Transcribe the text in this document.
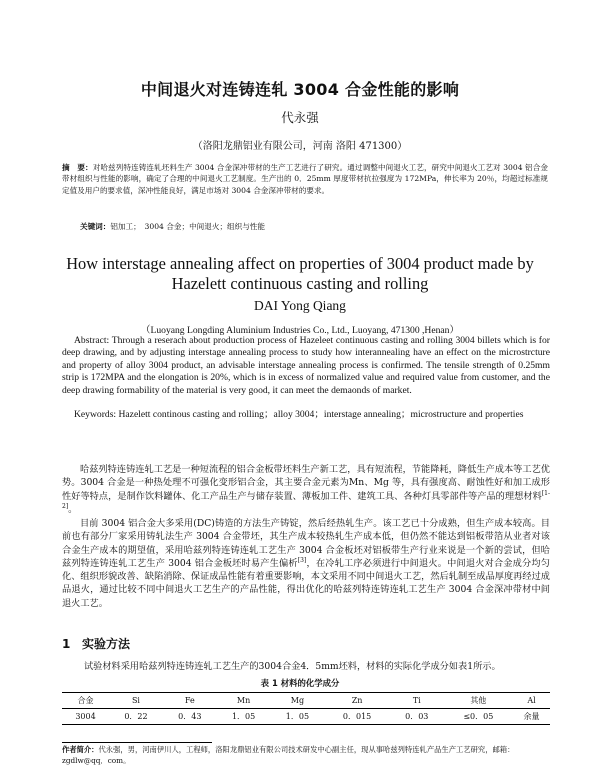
中间退火对连铸连轧 3004 合金性能的影响
代永强
（洛阳龙鼎铝业有限公司，河南 洛阳 471300）
摘　要：对哈兹列特连铸连轧坯料生产 3004 合金深冲带材的生产工艺进行了研究。通过调整中间退火工艺，研究中间退火工艺对 3004 铝合金带材组织与性能的影响，确定了合理的中间退火工艺制度。生产出的 0．25mm 厚度带材抗拉强度为 172MPa，伸长率为 20％，均超过标准规定值及用户的要求值，深冲性能良好，满足市场对 3004 合金深冲带材的要求。
关键词：铝加工；　3004 合金；中间退火；组织与性能
How interstage annealing affect on properties of 3004 product made by Hazelett continuous casting and rolling
DAI Yong Qiang
（Luoyang Longding Aluminium Industries Co., Ltd., Luoyang, 471300 ,Henan）
Abstract: Through a reserach about production process of Hazeleet continuous casting and rolling 3004 billets which is for deep drawing, and by adjusting interstage annealing process to study how interannealing have an effect on the microstrcture and property of alloy 3004 product, an advisable interstage annealing process is confirmed. The tensile strength of 0.25mm strip is 172MPA and the elongation is 20%, which is in excess of normalized value and required value from customer, and the deep drawing formability of the material is very good, it can meet the demaonds of market.
Keywords: Hazelett continous casting and rolling；alloy 3004；interstage annealing；microstructure and properties
哈兹列特连铸连轧工艺是一种短流程的铝合金板带坯料生产新工艺，具有短流程，节能降耗，降低生产成本等工艺优势。3004 合金是一种热处理不可强化变形铝合金，其主要合金元素为Mn、Mg 等，具有强度高、耐蚀性好和加工成形性好等特点，是制作饮料罐体、化工产品生产与储存装置、薄板加工件、建筑工具、各种灯具零部件等产品的理想材料[1-2]。
目前 3004 铝合金大多采用(DC)铸造的方法生产铸锭，然后经热轧生产。该工艺已十分成熟，但生产成本较高。目前也有部分厂家采用铸轧法生产 3004 合金带坯，其生产成本较热轧生产成本低，但仍然不能达到铝板带箔从业者对该合金生产成本的期望值，采用哈兹列特连铸连轧工艺生产 3004 合金板坯对铝板带生产行业来说是一个新的尝试，但哈兹列特连铸连轧工艺生产 3004 铝合金板坯时易产生偏析[3]，在冷轧工序必须进行中间退火。中间退火对合金成分均匀化、组织形貌改善、缺陷消除、保证成品性能有着重要影响，本文采用不同中间退火工艺，然后轧制至成品厚度再经过成品退火，通过比较不同中间退火工艺生产的产品性能，得出优化的哈兹列特连铸连轧工艺生产 3004 合金深冲带材中间退火工艺。
1 实验方法
试验材料采用哈兹列特连铸连轧工艺生产的3004合金4．5mm坯料，材料的实际化学成分如表1所示。
表 1 材料的化学成分
合金	Si	Fe	Mn	Mg	Zn	Ti	其他	Al
3004	0．22	0．43	1．05	1．05	0．015	0．03	≤0．05	余量
作者简介：代永强，男，河南伊川人，工程师，洛阳龙鼎铝业有限公司技术研发中心副主任，现从事哈兹列特连轧产品生产工艺研究，邮箱：zgdlw@qq．com。
